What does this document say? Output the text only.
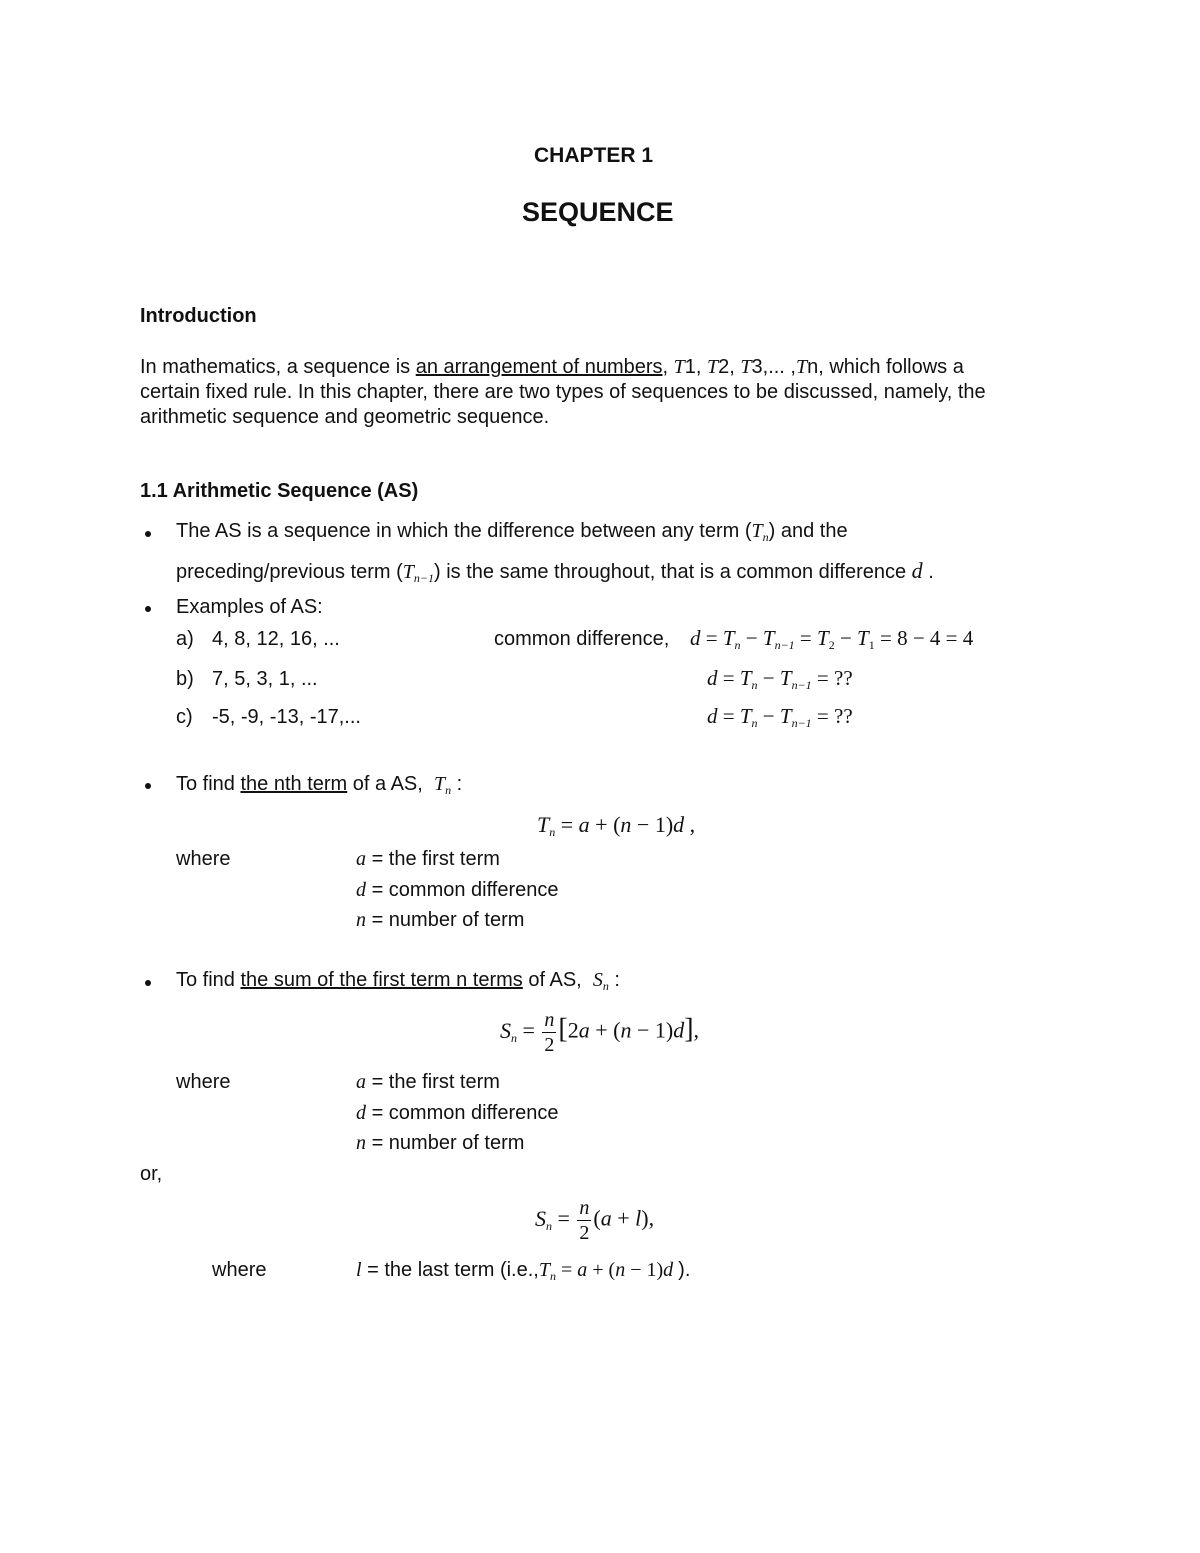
CHAPTER 1
SEQUENCE
Introduction
In mathematics, a sequence is an arrangement of numbers, T1, T2, T3,... ,Tn, which follows a
certain fixed rule. In this chapter, there are two types of sequences to be discussed, namely, the
arithmetic sequence and geometric sequence.
1.1 Arithmetic Sequence (AS)
The AS is a sequence in which the difference between any term $(T_n)$ and the
preceding/previous term $(T_{n-1})$ is the same throughout, that is a common difference d .
Examples of AS:
a) 4, 8, 12, 16, ...	common difference, $d = T_n - T_{n-1} = T_2 - T_1 = 8 - 4 = 4$
b) 7, 5, 3, 1, ...	$d = T_n - T_{n-1}$ = ??
c) -5, -9, -13, -17,...	$d = T_n - T_{n-1}$ = ??
To find the nth term of a AS, $T_n$ :
$T_n = a + (n - 1)d$ ,
where	a = the first term
d = common difference
n = number of term
To find the sum of the first term n terms of AS, $S_n$ :
$S_n = \frac{n}{2} [2a + (n - 1)d]$,
where	a = the first term
d = common difference
n = number of term
or,
$S_n = \frac{n}{2} (a + l)$,
where	l = the last term ($i.e.,T_n = a + (n - 1)d$ ).
